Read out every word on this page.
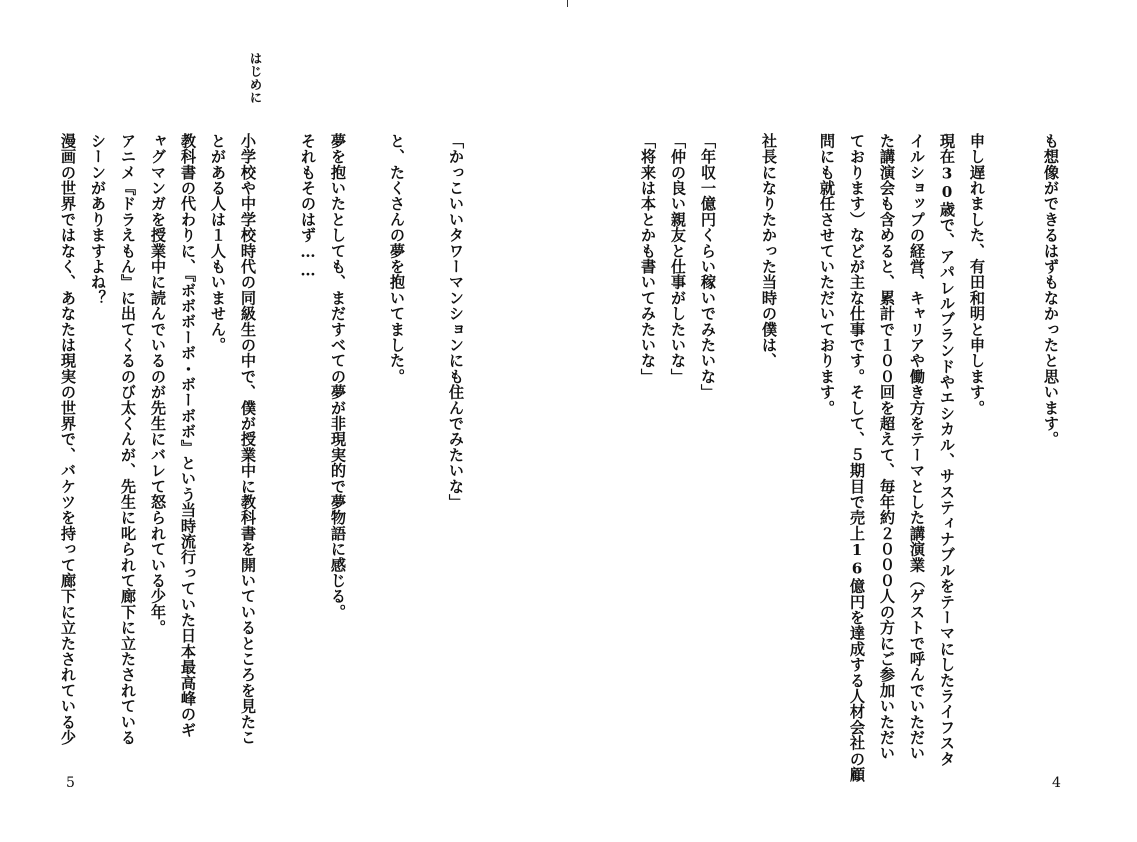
も想像ができるはずもなかったと思います。
申し遅れました、有田和明と申します。
現在30歳で、アパレルブランドやエシカル、サスティナブルをテーマにしたライフスタ
イルショップの経営、キャリアや働き方をテーマとした講演業（ゲストで呼んでいただい
た講演会も含めると、累計で１００回を超えて、毎年約２０００人の方にご参加いただい
ております）などが主な仕事です。そして、５期目で売上16億円を達成する人材会社の顧
問にも就任させていただいております。
社長になりたかった当時の僕は、
「年収一億円くらい稼いでみたいな」
「仲の良い親友と仕事がしたいな」
「将来は本とかも書いてみたいな」
はじめに
「かっこいいタワーマンションにも住んでみたいな」
と、たくさんの夢を抱いてました。
夢を抱いたとしても、まだすべての夢が非現実的で夢物語に感じる。
それもそのはず……
小学校や中学校時代の同級生の中で、僕が授業中に教科書を開いているところを見たこ
とがある人は１人もいません。
教科書の代わりに、『ボボボーボ・ボーボボ』という当時流行っていた日本最高峰のギ
ャグマンガを授業中に読んでいるのが先生にバレて怒られている少年。
アニメ『ドラえもん』に出てくるのび太くんが、先生に叱られて廊下に立たされている
シーンがありますよね？
漫画の世界ではなく、あなたは現実の世界で、バケツを持って廊下に立たされている少
4
5
